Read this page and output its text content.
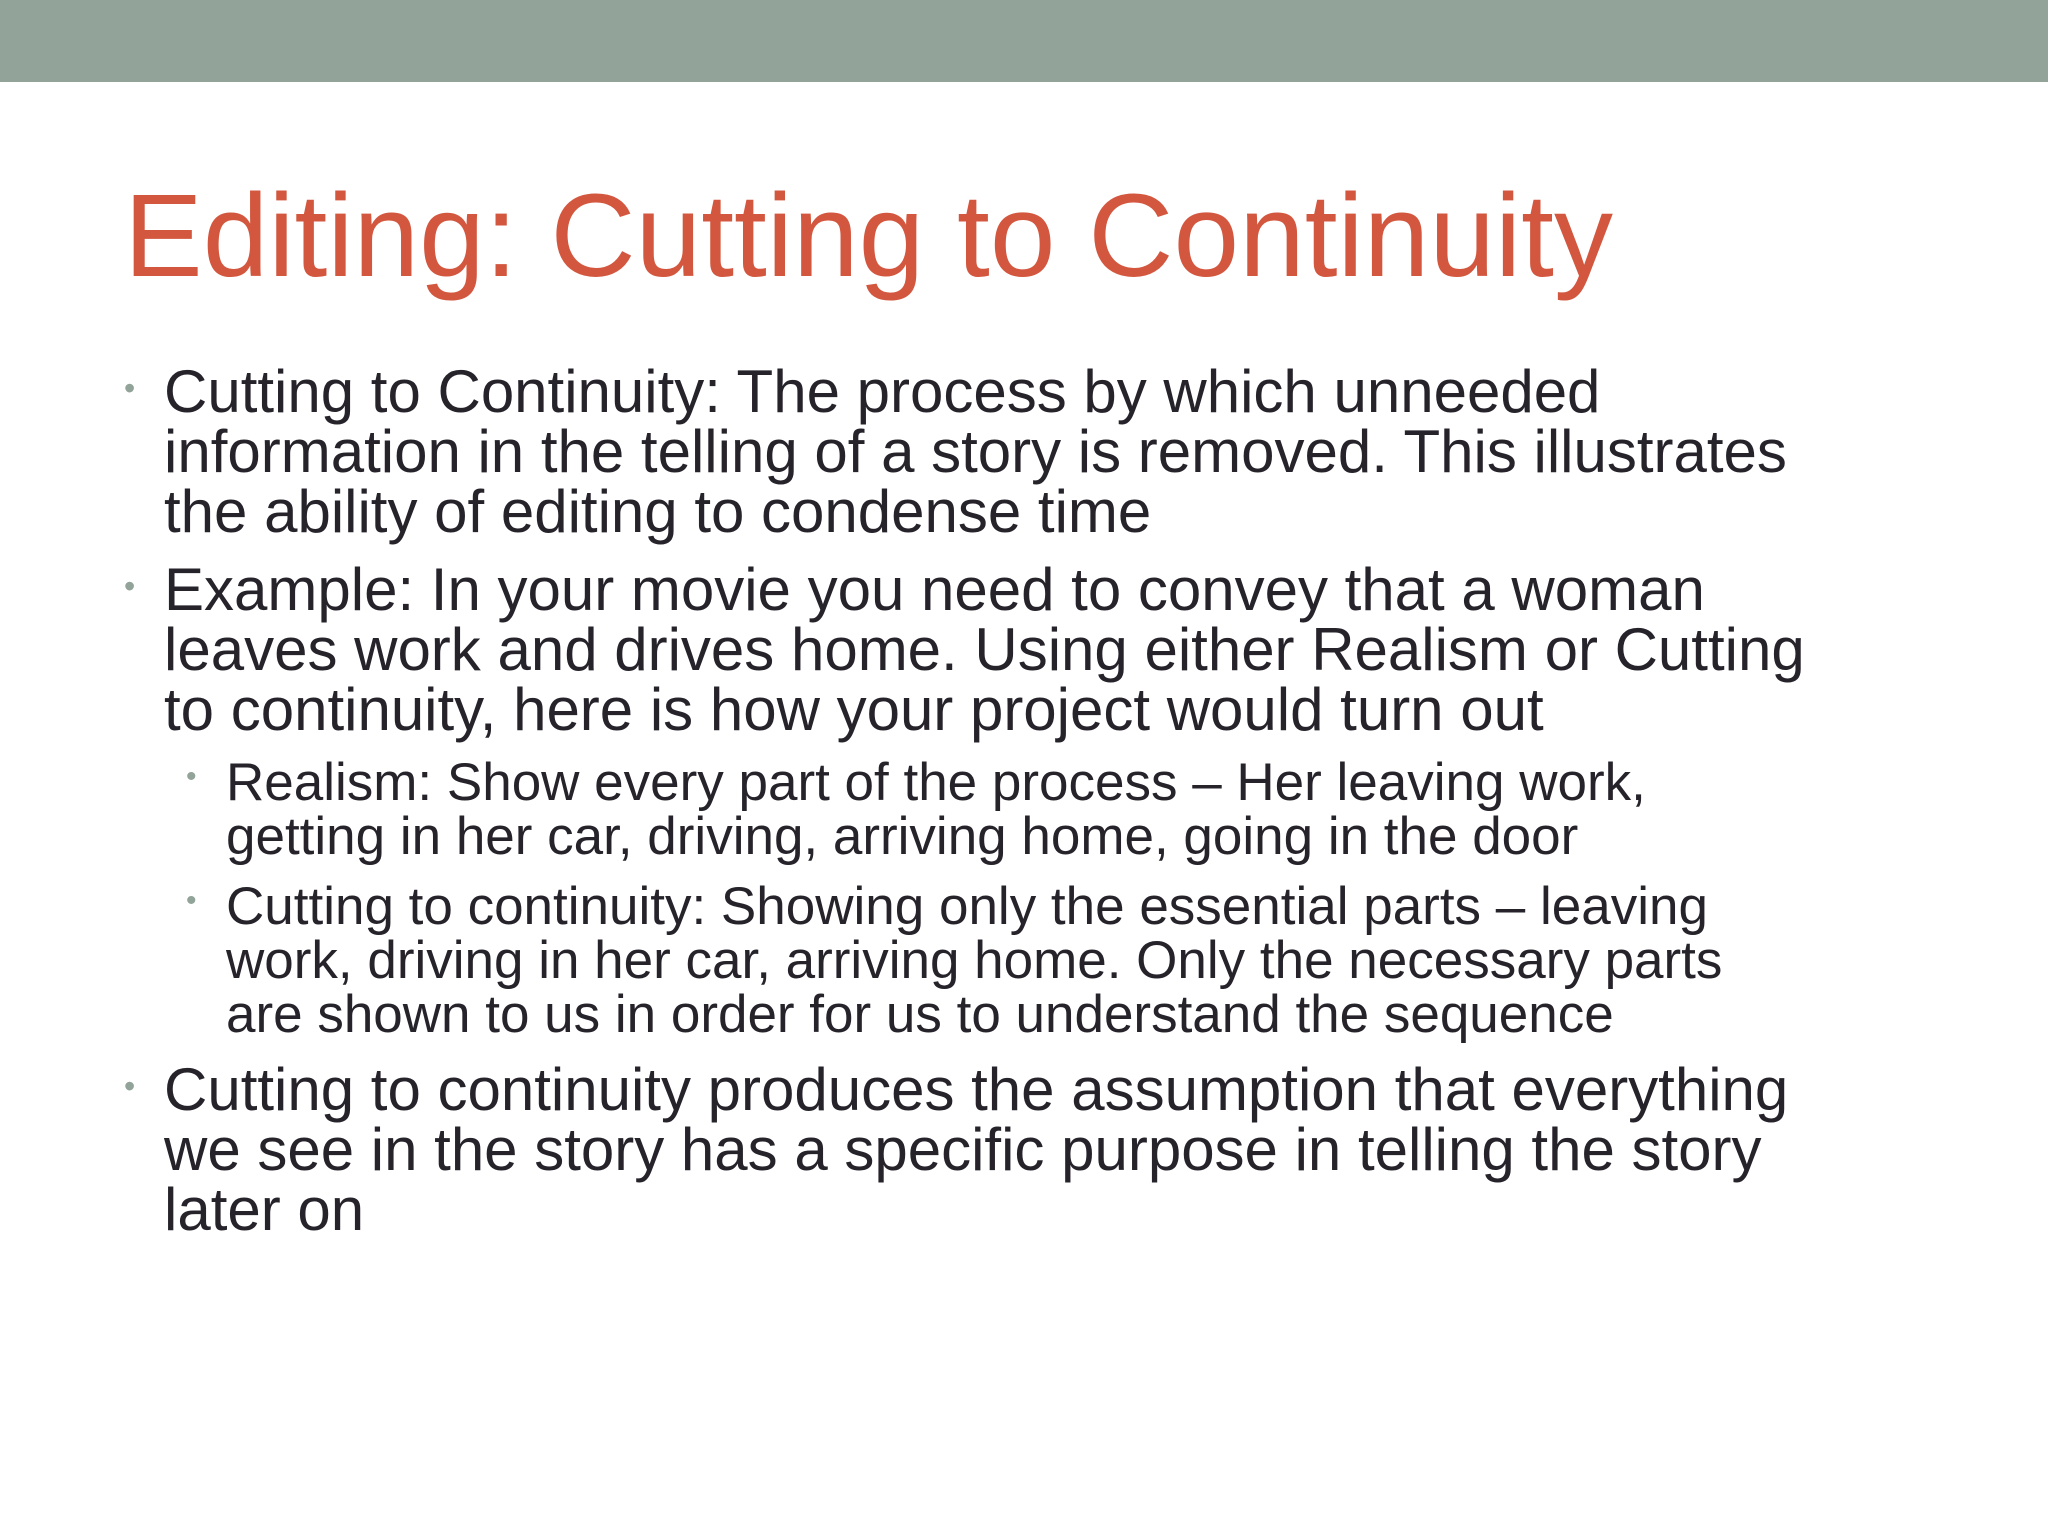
Editing: Cutting to Continuity
• Cutting to Continuity: The process by which unneeded
information in the telling of a story is removed. This illustrates
the ability of editing to condense time
• Example: In your movie you need to convey that a woman
leaves work and drives home. Using either Realism or Cutting
to continuity, here is how your project would turn out
• Realism: Show every part of the process – Her leaving work,
getting in her car, driving, arriving home, going in the door
• Cutting to continuity: Showing only the essential parts – leaving
work, driving in her car, arriving home. Only the necessary parts
are shown to us in order for us to understand the sequence
• Cutting to continuity produces the assumption that everything
we see in the story has a specific purpose in telling the story
later on
